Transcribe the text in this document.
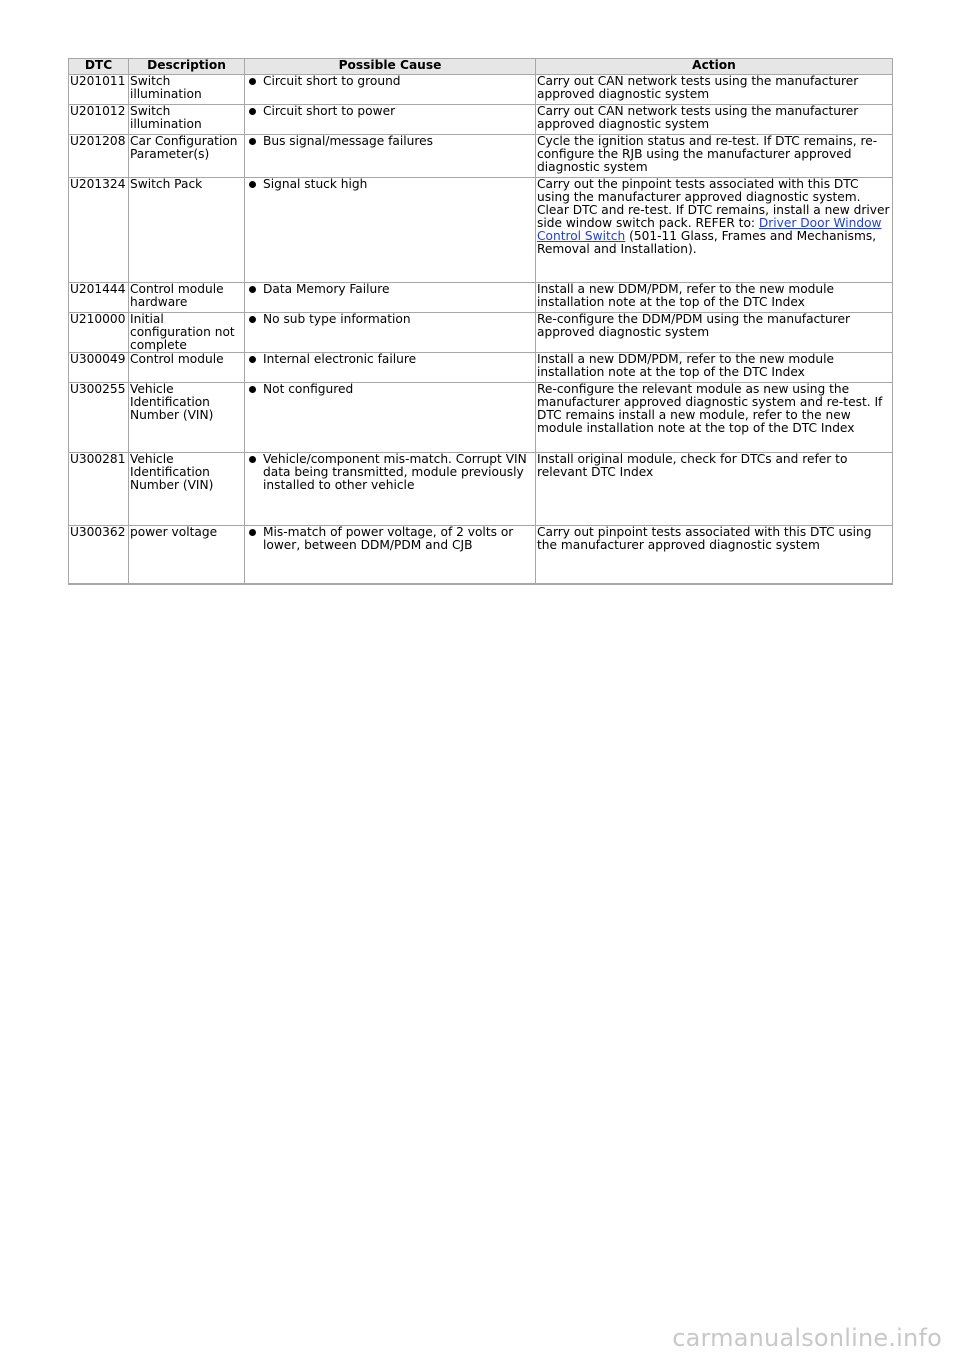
DTC	Description	Possible Cause	Action
U201011	Switch illumination	Circuit short to ground	Carry out CAN network tests using the manufacturer approved diagnostic system
U201012	Switch illumination	Circuit short to power	Carry out CAN network tests using the manufacturer approved diagnostic system
U201208	Car Configuration Parameter(s)	Bus signal/message failures	Cycle the ignition status and re-test. If DTC remains, re-configure the RJB using the manufacturer approved diagnostic system
U201324	Switch Pack	Signal stuck high	Carry out the pinpoint tests associated with this DTC using the manufacturer approved diagnostic system. Clear DTC and re-test. If DTC remains, install a new driver side window switch pack. REFER to: Driver Door Window Control Switch (501-11 Glass, Frames and Mechanisms, Removal and Installation).
U201444	Control module hardware	Data Memory Failure	Install a new DDM/PDM, refer to the new module installation note at the top of the DTC Index
U210000	Initial configuration not complete	No sub type information	Re-configure the DDM/PDM using the manufacturer approved diagnostic system
U300049	Control module	Internal electronic failure	Install a new DDM/PDM, refer to the new module installation note at the top of the DTC Index
U300255	Vehicle Identification Number (VIN)	Not configured	Re-configure the relevant module as new using the manufacturer approved diagnostic system and re-test. If DTC remains install a new module, refer to the new module installation note at the top of the DTC Index
U300281	Vehicle Identification Number (VIN)	Vehicle/component mis-match. Corrupt VIN data being transmitted, module previously installed to other vehicle	Install original module, check for DTCs and refer to relevant DTC Index
U300362	power voltage	Mis-match of power voltage, of 2 volts or lower, between DDM/PDM and CJB	Carry out pinpoint tests associated with this DTC using the manufacturer approved diagnostic system
carmanualsonline.info
